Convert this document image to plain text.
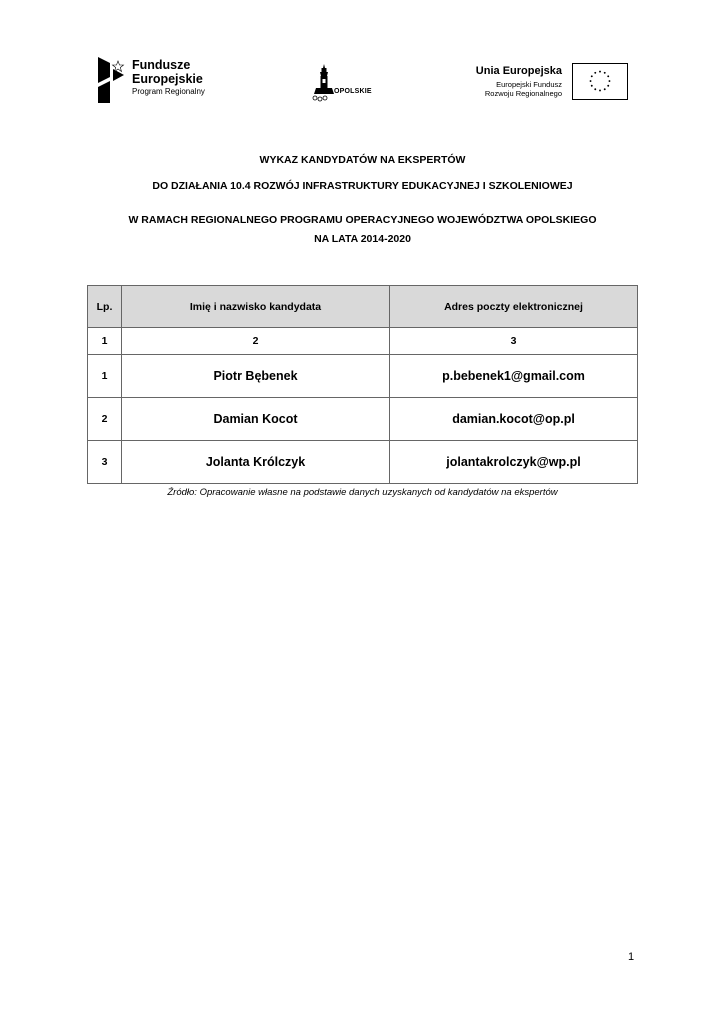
Fundusze
Europejskie
Program Regionalny	OPOLSKIE
Unia Europejska
Europejski Fundusz
Rozwoju Regionalnego
WYKAZ KANDYDATÓW NA EKSPERTÓW
DO DZIAŁANIA 10.4 ROZWÓJ INFRASTRUKTURY EDUKACYJNEJ I SZKOLENIOWEJ
W RAMACH REGIONALNEGO PROGRAMU OPERACYJNEGO WOJEWÓDZTWA OPOLSKIEGO
NA LATA 2014-2020
Lp.	Imię i nazwisko kandydata	Adres poczty elektronicznej
1	2	3
1	Piotr Bębenek	p.bebenek1@gmail.com
2	Damian Kocot	damian.kocot@op.pl
3	Jolanta Królczyk	jolantakrolczyk@wp.pl
Źródło: Opracowanie własne na podstawie danych uzyskanych od kandydatów na ekspertów
1
